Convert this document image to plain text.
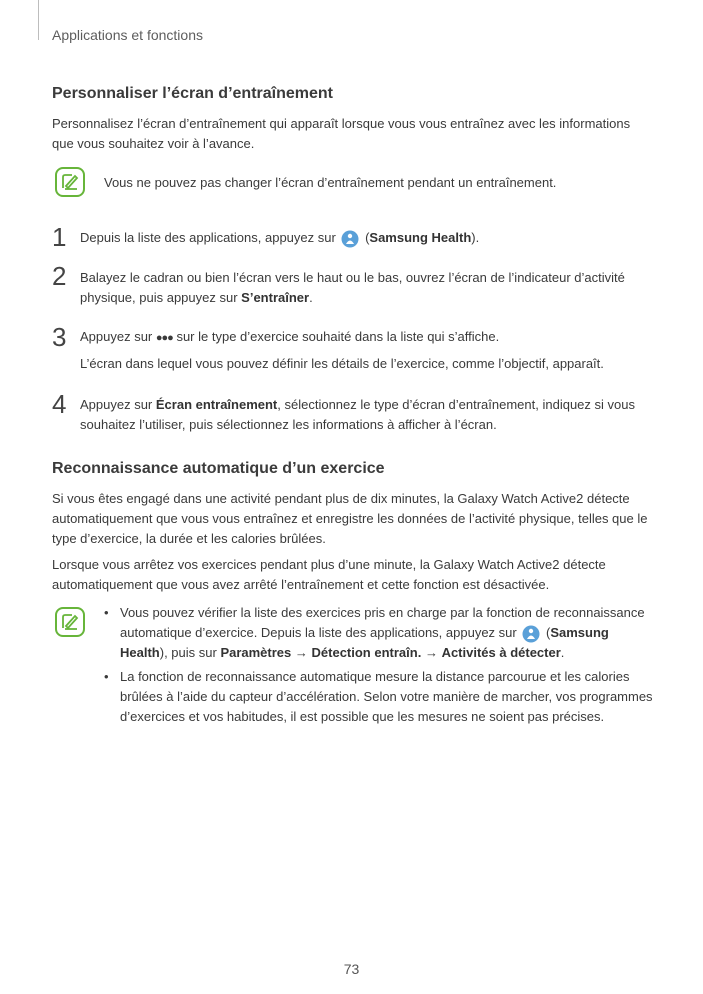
Applications et fonctions
Personnaliser l’écran d’entraînement
Personnalisez l’écran d’entraînement qui apparaît lorsque vous vous entraînez avec les informations que vous souhaitez voir à l’avance.
Vous ne pouvez pas changer l’écran d’entraînement pendant un entraînement.
1 Depuis la liste des applications, appuyez sur (Samsung Health).
2 Balayez le cadran ou bien l’écran vers le haut ou le bas, ouvrez l’écran de l’indicateur d’activité physique, puis appuyez sur S’entraîner.
3 Appuyez sur ●●● sur le type d’exercice souhaité dans la liste qui s’affiche.
L’écran dans lequel vous pouvez définir les détails de l’exercice, comme l’objectif, apparaît.
4 Appuyez sur Écran entraînement, sélectionnez le type d’écran d’entraînement, indiquez si vous souhaitez l’utiliser, puis sélectionnez les informations à afficher à l’écran.
Reconnaissance automatique d’un exercice
Si vous êtes engagé dans une activité pendant plus de dix minutes, la Galaxy Watch Active2 détecte automatiquement que vous vous entraînez et enregistre les données de l’activité physique, telles que le type d’exercice, la durée et les calories brûlées.
Lorsque vous arrêtez vos exercices pendant plus d’une minute, la Galaxy Watch Active2 détecte automatiquement que vous avez arrêté l’entraînement et cette fonction est désactivée.
• Vous pouvez vérifier la liste des exercices pris en charge par la fonction de reconnaissance automatique d’exercice. Depuis la liste des applications, appuyez sur (Samsung Health), puis sur Paramètres → Détection entraîn. → Activités à détecter.
• La fonction de reconnaissance automatique mesure la distance parcourue et les calories brûlées à l’aide du capteur d’accélération. Selon votre manière de marcher, vos programmes d’exercices et vos habitudes, il est possible que les mesures ne soient pas précises.
73
